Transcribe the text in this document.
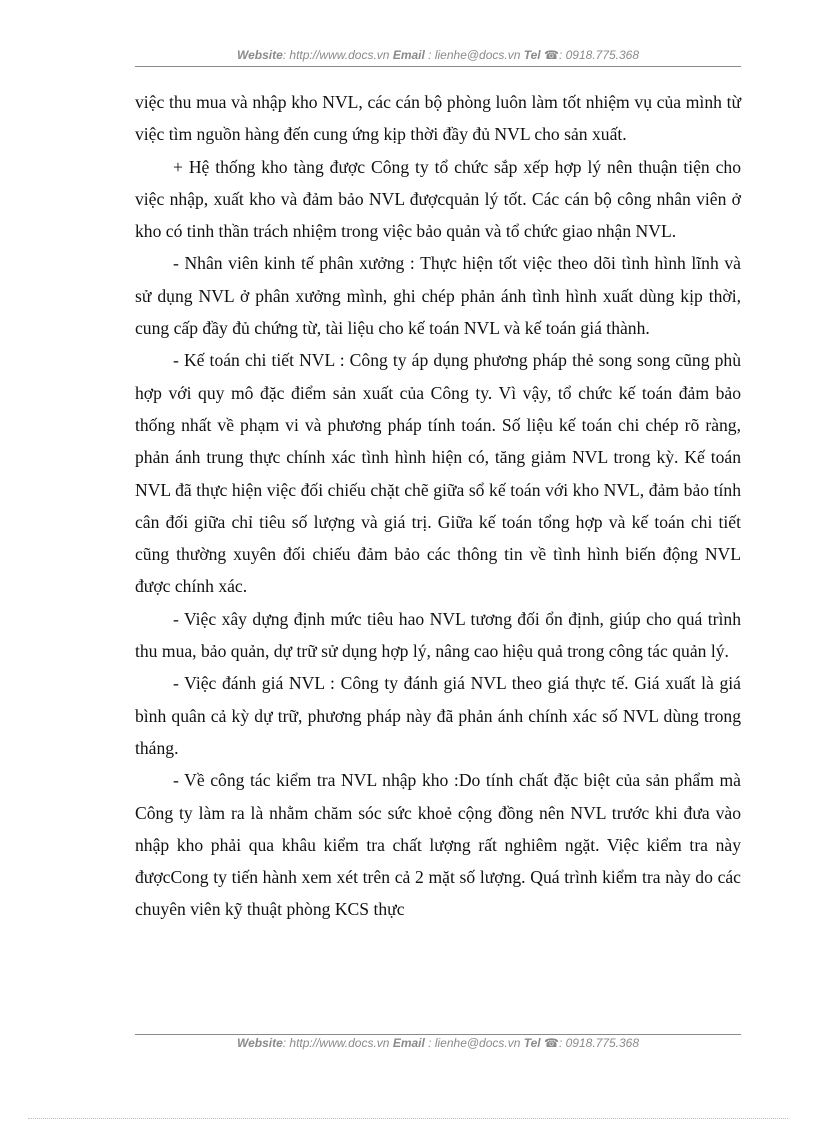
Website: http://www.docs.vn Email : lienhe@docs.vn Tel ☎: 0918.775.368

việc thu mua và nhập kho NVL, các cán bộ phòng luôn làm tốt nhiệm vụ của mình từ việc tìm nguồn hàng đến cung ứng kịp thời đầy đủ NVL cho sản xuất.

+ Hệ thống kho tàng được Công ty tổ chức sắp xếp hợp lý nên thuận tiện cho việc nhập, xuất kho và đảm bảo NVL đượcquản lý tốt. Các cán bộ công nhân viên ở kho có tinh thần trách nhiệm trong việc bảo quản và tổ chức giao nhận NVL.

- Nhân viên kinh tế phân xưởng : Thực hiện tốt việc theo dõi tình hình lĩnh và sử dụng NVL ở phân xưởng mình, ghi chép phản ánh tình hình xuất dùng kịp thời, cung cấp đầy đủ chứng từ, tài liệu cho kế toán NVL và kế toán giá thành.

- Kế toán chi tiết NVL : Công ty áp dụng phương pháp thẻ song song cũng phù hợp với quy mô đặc điểm sản xuất của Công ty. Vì vậy, tổ chức kế toán đảm bảo thống nhất về phạm vi và phương pháp tính toán. Số liệu kế toán chi chép rõ ràng, phản ánh trung thực chính xác tình hình hiện có, tăng giảm NVL trong kỳ. Kế toán NVL đã thực hiện việc đối chiếu chặt chẽ giữa sổ kế toán với kho NVL, đảm bảo tính cân đối giữa chỉ tiêu số lượng và giá trị. Giữa kế toán tổng hợp và kế toán chi tiết cũng thường xuyên đối chiếu đảm bảo các thông tin về tình hình biến động NVL được chính xác.

- Việc xây dựng định mức tiêu hao NVL tương đối ổn định, giúp cho quá trình thu mua, bảo quản, dự trữ sử dụng hợp lý, nâng cao hiệu quả trong công tác quản lý.

- Việc đánh giá NVL : Công ty đánh giá NVL theo giá thực tế. Giá xuất là giá bình quân cả kỳ dự trữ, phương pháp này đã phản ánh chính xác số NVL dùng trong tháng.

- Về công tác kiểm tra NVL nhập kho :Do tính chất đặc biệt của sản phẩm mà Công ty làm ra là nhằm chăm sóc sức khoẻ cộng đồng nên NVL trước khi đưa vào nhập kho phải qua khâu kiểm tra chất lượng rất nghiêm ngặt. Việc kiểm tra này đượcCong ty tiến hành xem xét trên cả 2 mặt số lượng. Quá trình kiểm tra này do các chuyên viên kỹ thuật phòng KCS thực

Website: http://www.docs.vn Email : lienhe@docs.vn Tel ☎: 0918.775.368
